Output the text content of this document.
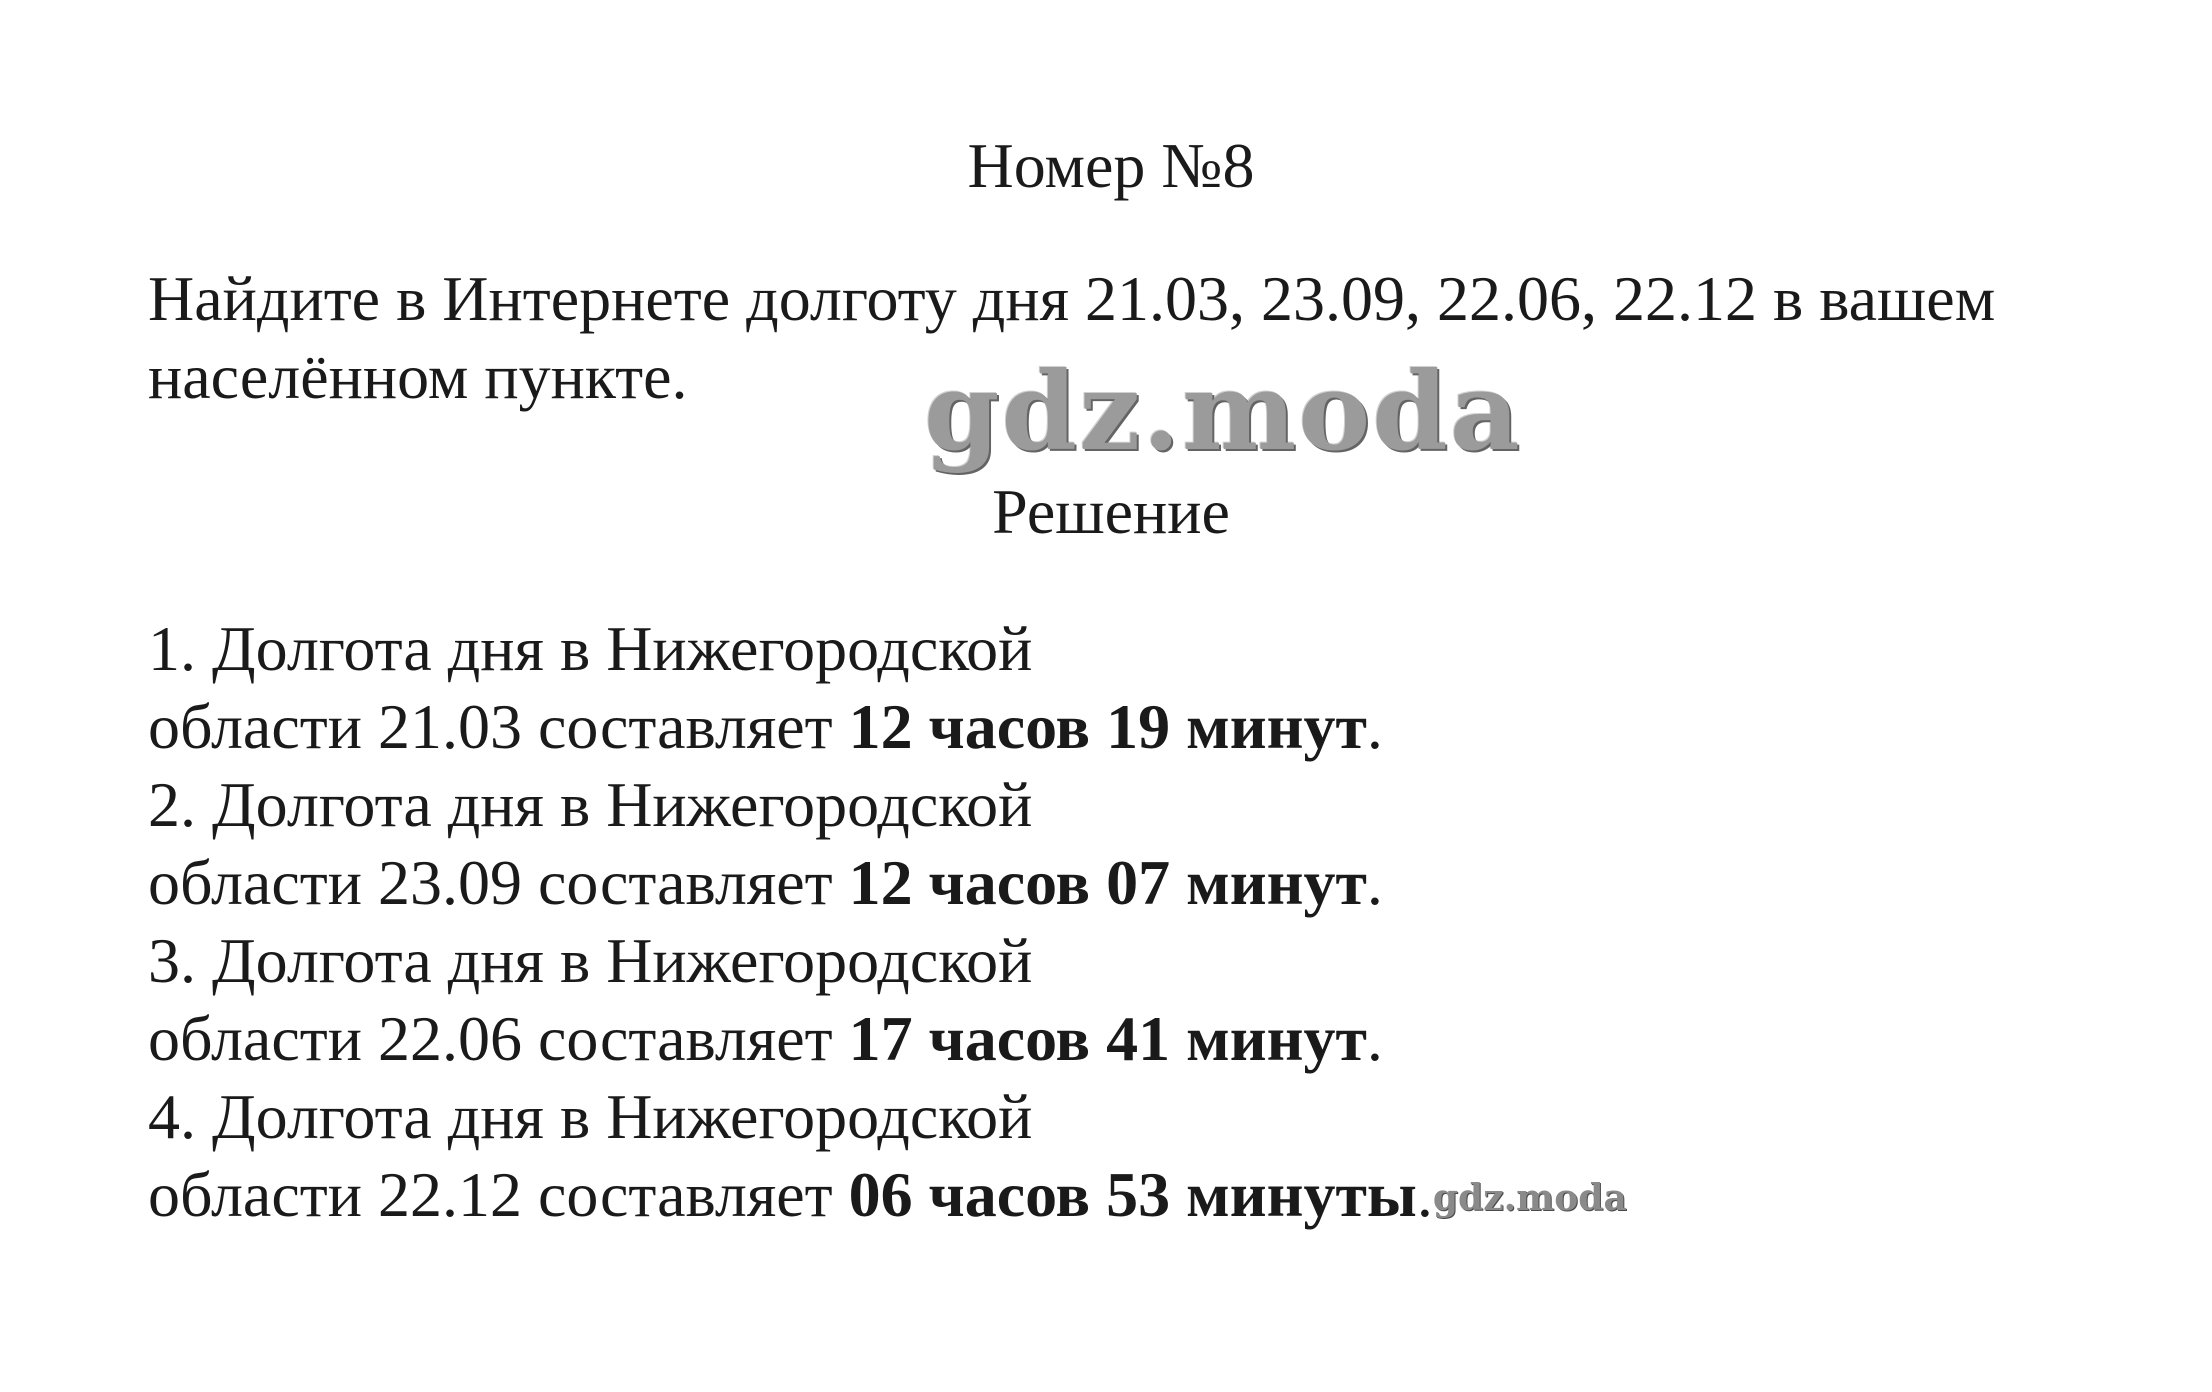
Номер №8

Найдите в Интернете долготу дня 21.03, 23.09, 22.06, 22.12 в вашем населённом пункте.	gdz.moda
Решение
1. Долгота дня в Нижегородской
области 21.03 составляет 12 часов 19 минут.
2. Долгота дня в Нижегородской
области 23.09 составляет 12 часов 07 минут.
3. Долгота дня в Нижегородской
области 22.06 составляет 17 часов 41 минут.
4. Долгота дня в Нижегородской
области 22.12 составляет 06 часов 53 минуты.gdz.moda
